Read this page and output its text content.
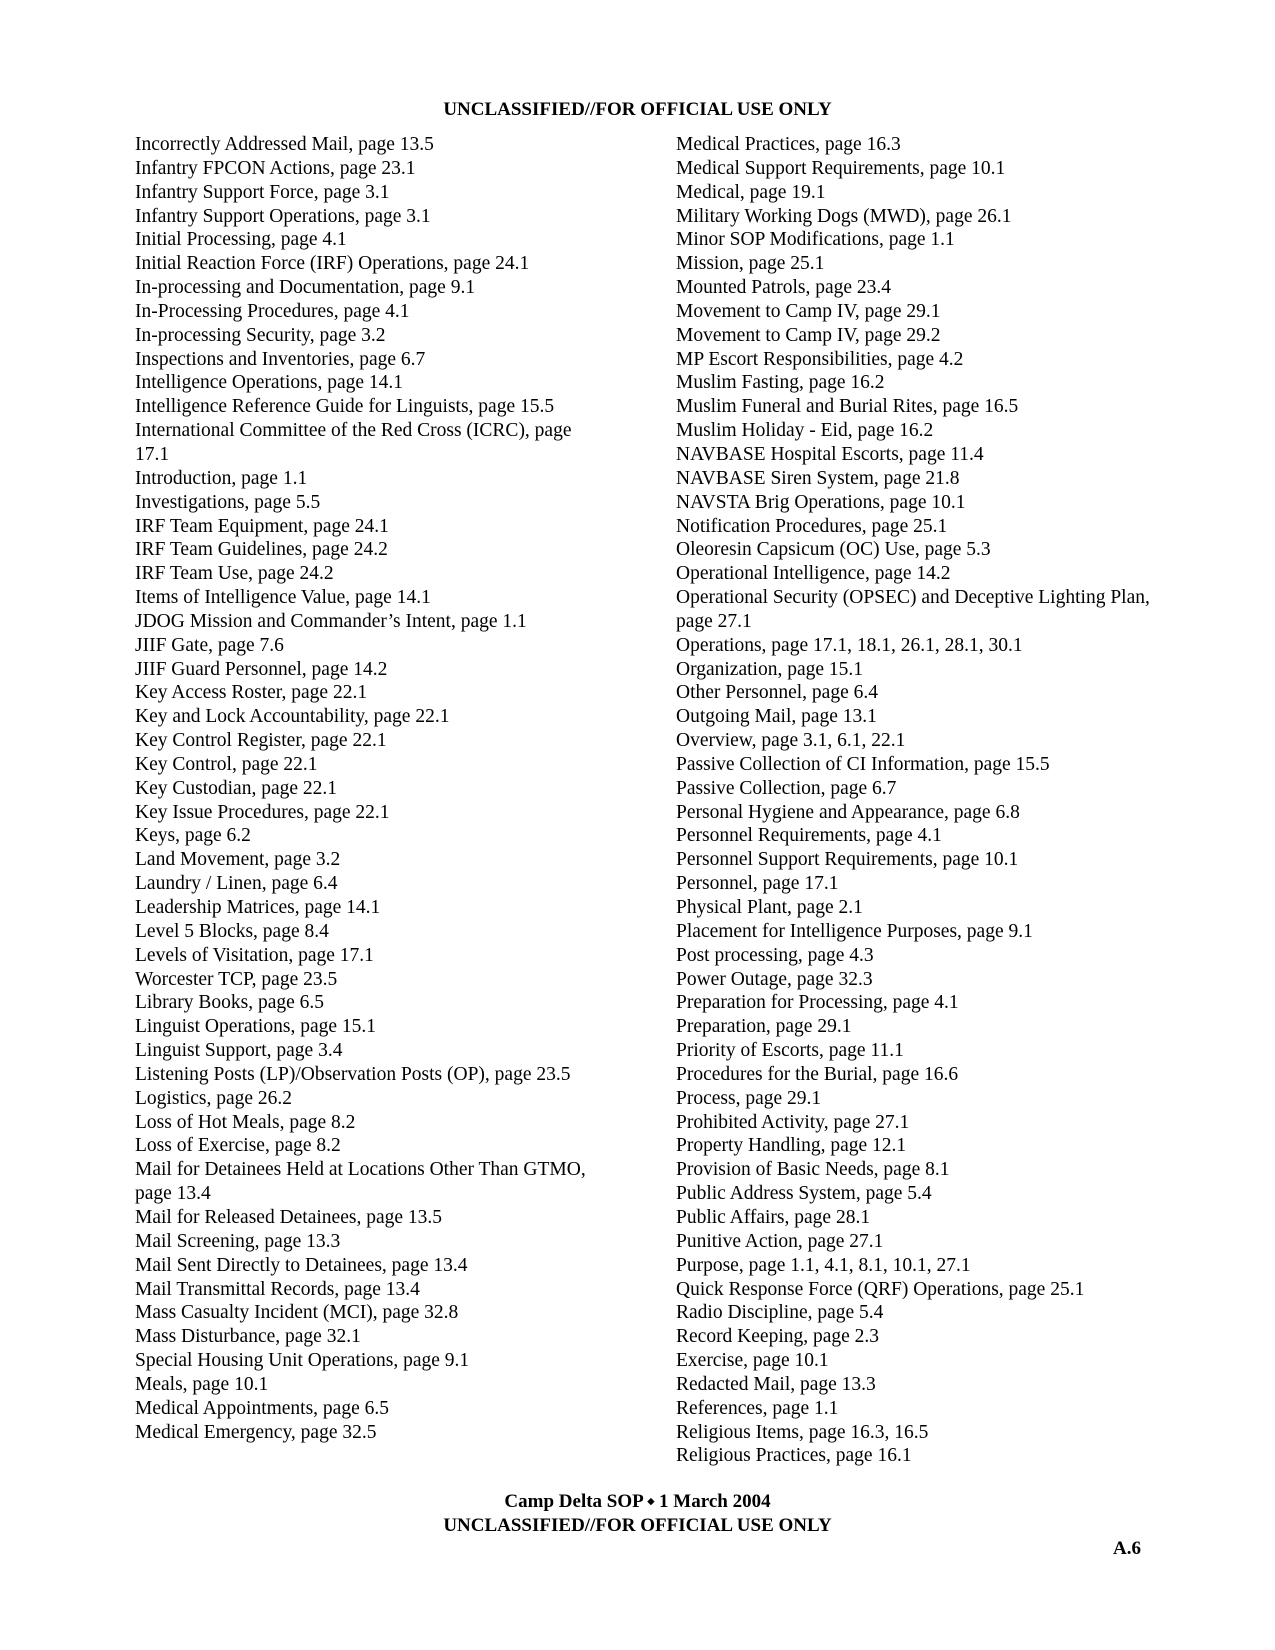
UNCLASSIFIED//FOR OFFICIAL USE ONLY
Incorrectly Addressed Mail, page 13.5
Infantry FPCON Actions, page 23.1
Infantry Support Force, page 3.1
Infantry Support Operations, page 3.1
Initial Processing, page 4.1
Initial Reaction Force (IRF) Operations, page 24.1
In-processing and Documentation, page 9.1
In-Processing Procedures, page 4.1
In-processing Security, page 3.2
Inspections and Inventories, page 6.7
Intelligence Operations, page 14.1
Intelligence Reference Guide for Linguists, page 15.5
International Committee of the Red Cross (ICRC), page 17.1
Introduction, page 1.1
Investigations, page 5.5
IRF Team Equipment, page 24.1
IRF Team Guidelines, page 24.2
IRF Team Use, page 24.2
Items of Intelligence Value, page 14.1
JDOG Mission and Commander’s Intent, page 1.1
JIIF Gate, page 7.6
JIIF Guard Personnel, page 14.2
Key Access Roster, page 22.1
Key and Lock Accountability, page 22.1
Key Control Register, page 22.1
Key Control, page 22.1
Key Custodian, page 22.1
Key Issue Procedures, page 22.1
Keys, page 6.2
Land Movement, page 3.2
Laundry / Linen, page 6.4
Leadership Matrices, page 14.1
Level 5 Blocks, page 8.4
Levels of Visitation, page 17.1
Worcester TCP, page 23.5
Library Books, page 6.5
Linguist Operations, page 15.1
Linguist Support, page 3.4
Listening Posts (LP)/Observation Posts (OP), page 23.5
Logistics, page 26.2
Loss of Hot Meals, page 8.2
Loss of Exercise, page 8.2
Mail for Detainees Held at Locations Other Than GTMO, page 13.4
Mail for Released Detainees, page 13.5
Mail Screening, page 13.3
Mail Sent Directly to Detainees, page 13.4
Mail Transmittal Records, page 13.4
Mass Casualty Incident (MCI), page 32.8
Mass Disturbance, page 32.1
Special Housing Unit Operations, page 9.1
Meals, page 10.1
Medical Appointments, page 6.5
Medical Emergency, page 32.5
Medical Practices, page 16.3
Medical Support Requirements, page 10.1
Medical, page 19.1
Military Working Dogs (MWD), page 26.1
Minor SOP Modifications, page 1.1
Mission, page 25.1
Mounted Patrols, page 23.4
Movement to Camp IV, page 29.1
Movement to Camp IV, page 29.2
MP Escort Responsibilities, page 4.2
Muslim Fasting, page 16.2
Muslim Funeral and Burial Rites, page 16.5
Muslim Holiday - Eid, page 16.2
NAVBASE Hospital Escorts, page 11.4
NAVBASE Siren System, page 21.8
NAVSTA Brig Operations, page 10.1
Notification Procedures, page 25.1
Oleoresin Capsicum (OC) Use, page 5.3
Operational Intelligence, page 14.2
Operational Security (OPSEC) and Deceptive Lighting Plan, page 27.1
Operations, page 17.1, 18.1, 26.1, 28.1, 30.1
Organization, page 15.1
Other Personnel, page 6.4
Outgoing Mail, page 13.1
Overview, page 3.1, 6.1, 22.1
Passive Collection of CI Information, page 15.5
Passive Collection, page 6.7
Personal Hygiene and Appearance, page 6.8
Personnel Requirements, page 4.1
Personnel Support Requirements, page 10.1
Personnel, page 17.1
Physical Plant, page 2.1
Placement for Intelligence Purposes, page 9.1
Post processing, page 4.3
Power Outage, page 32.3
Preparation for Processing, page 4.1
Preparation, page 29.1
Priority of Escorts, page 11.1
Procedures for the Burial, page 16.6
Process, page 29.1
Prohibited Activity, page 27.1
Property Handling, page 12.1
Provision of Basic Needs, page 8.1
Public Address System, page 5.4
Public Affairs, page 28.1
Punitive Action, page 27.1
Purpose, page 1.1, 4.1, 8.1, 10.1, 27.1
Quick Response Force (QRF) Operations, page 25.1
Radio Discipline, page 5.4
Record Keeping, page 2.3
Exercise, page 10.1
Redacted Mail, page 13.3
References, page 1.1
Religious Items, page 16.3, 16.5
Religious Practices, page 16.1
Camp Delta SOP ⬩ 1 March 2004
UNCLASSIFIED//FOR OFFICIAL USE ONLY
A.6
